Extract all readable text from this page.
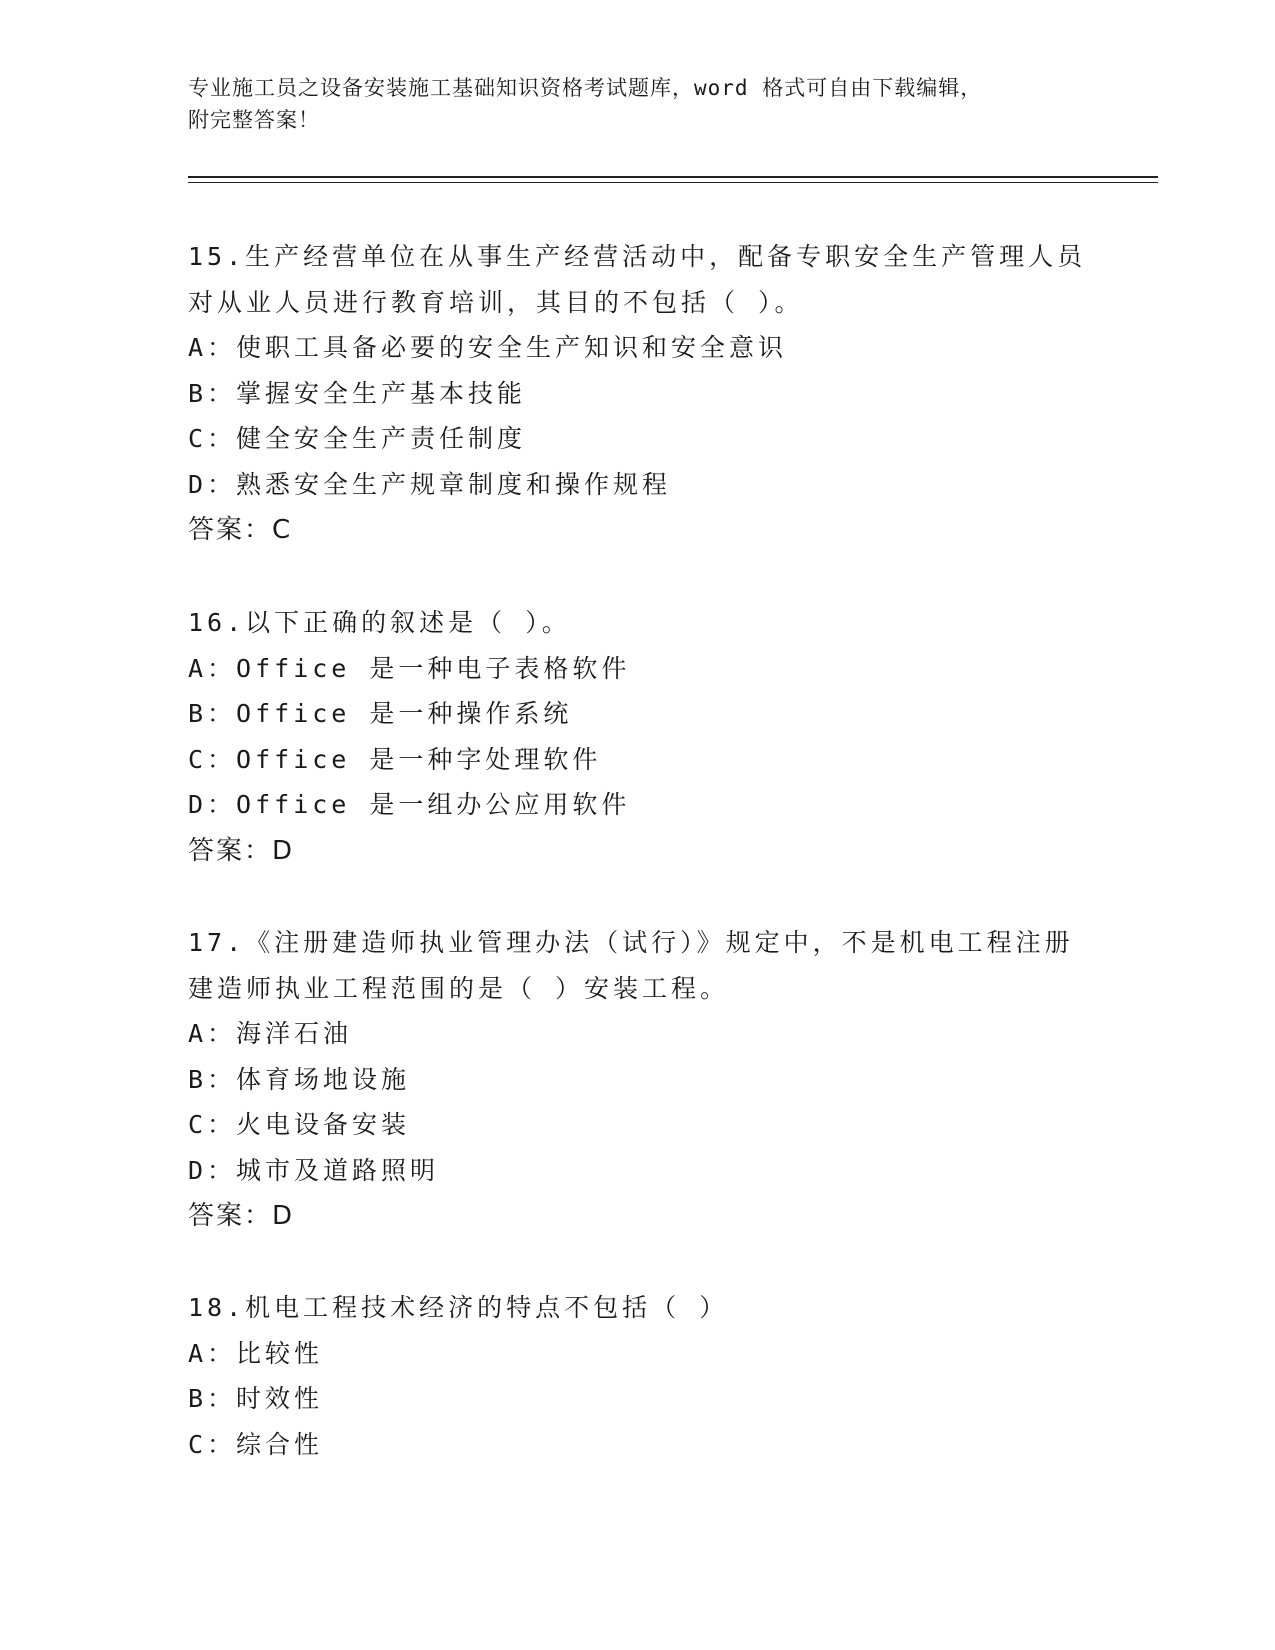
专业施工员之设备安装施工基础知识资格考试题库，word 格式可自由下载编辑，
附完整答案！
15.生产经营单位在从事生产经营活动中，配备专职安全生产管理人员
对从业人员进行教育培训，其目的不包括（ ）。
A：使职工具备必要的安全生产知识和安全意识
B：掌握安全生产基本技能
C：健全安全生产责任制度
D：熟悉安全生产规章制度和操作规程
答案：C
16.以下正确的叙述是（ ）。
A：Office 是一种电子表格软件
B：Office 是一种操作系统
C：Office 是一种字处理软件
D：Office 是一组办公应用软件
答案：D
17.《注册建造师执业管理办法（试行）》规定中，不是机电工程注册
建造师执业工程范围的是（ ）安装工程。
A：海洋石油
B：体育场地设施
C：火电设备安装
D：城市及道路照明
答案：D
18.机电工程技术经济的特点不包括（ ）
A：比较性
B：时效性
C：综合性
